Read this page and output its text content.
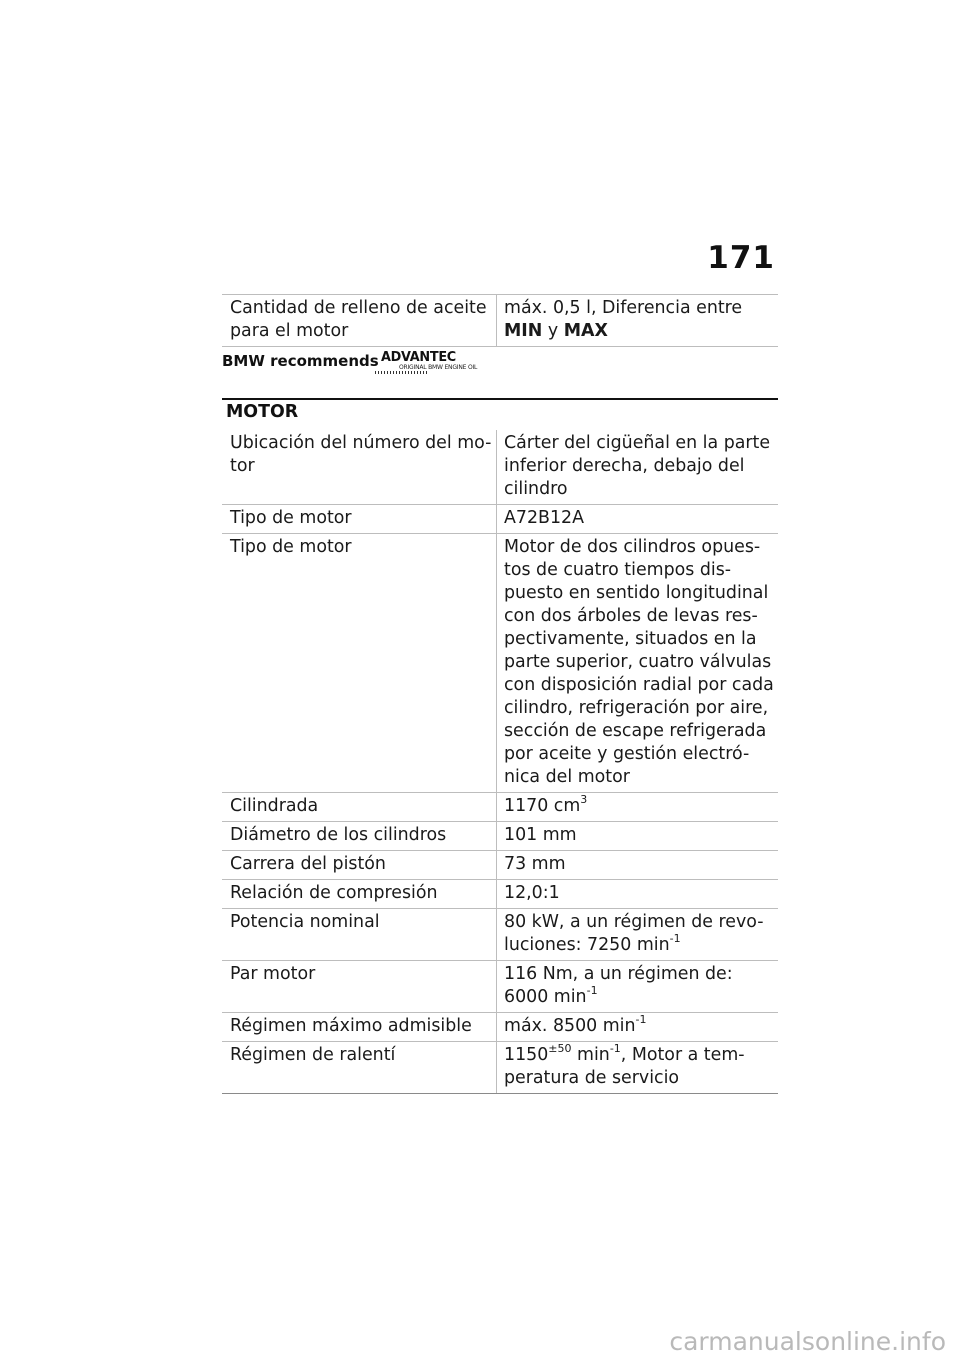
171
Cantidad de relleno de aceite para el motor	máx. 0,5 l, Diferencia entre
MIN y MAX
BMW recommends ADVANTEC
ORIGINAL BMW ENGINE OIL
MOTOR
Ubicación del número del mo-tor	Cárter del cigüeñal en la parte inferior derecha, debajo del cilindro
Tipo de motor	A72B12A
Tipo de motor	Motor de dos cilindros opues-tos de cuatro tiempos dis-puesto en sentido longitudinal con dos árboles de levas res-pectivamente, situados en la parte superior, cuatro válvulas con disposición radial por cada cilindro, refrigeración por aire, sección de escape refrigerada por aceite y gestión electró-nica del motor
Cilindrada	1170 $cm^3$
Diámetro de los cilindros	101 mm
Carrera del pistón	73 mm
Relación de compresión	12,0:1
Potencia nominal	80 kW, a un régimen de revo-luciones: 7250 $\min^{-1}$
Par motor	116 Nm, a un régimen de: 6000 $\min^{-1}$
Régimen máximo admisible	máx. 8500 $\min^{-1}$
Régimen de ralentí	$1150^{\pm 50}$ $\min^{-1}$, Motor a tem-peratura de servicio
carmanualsonline.info
